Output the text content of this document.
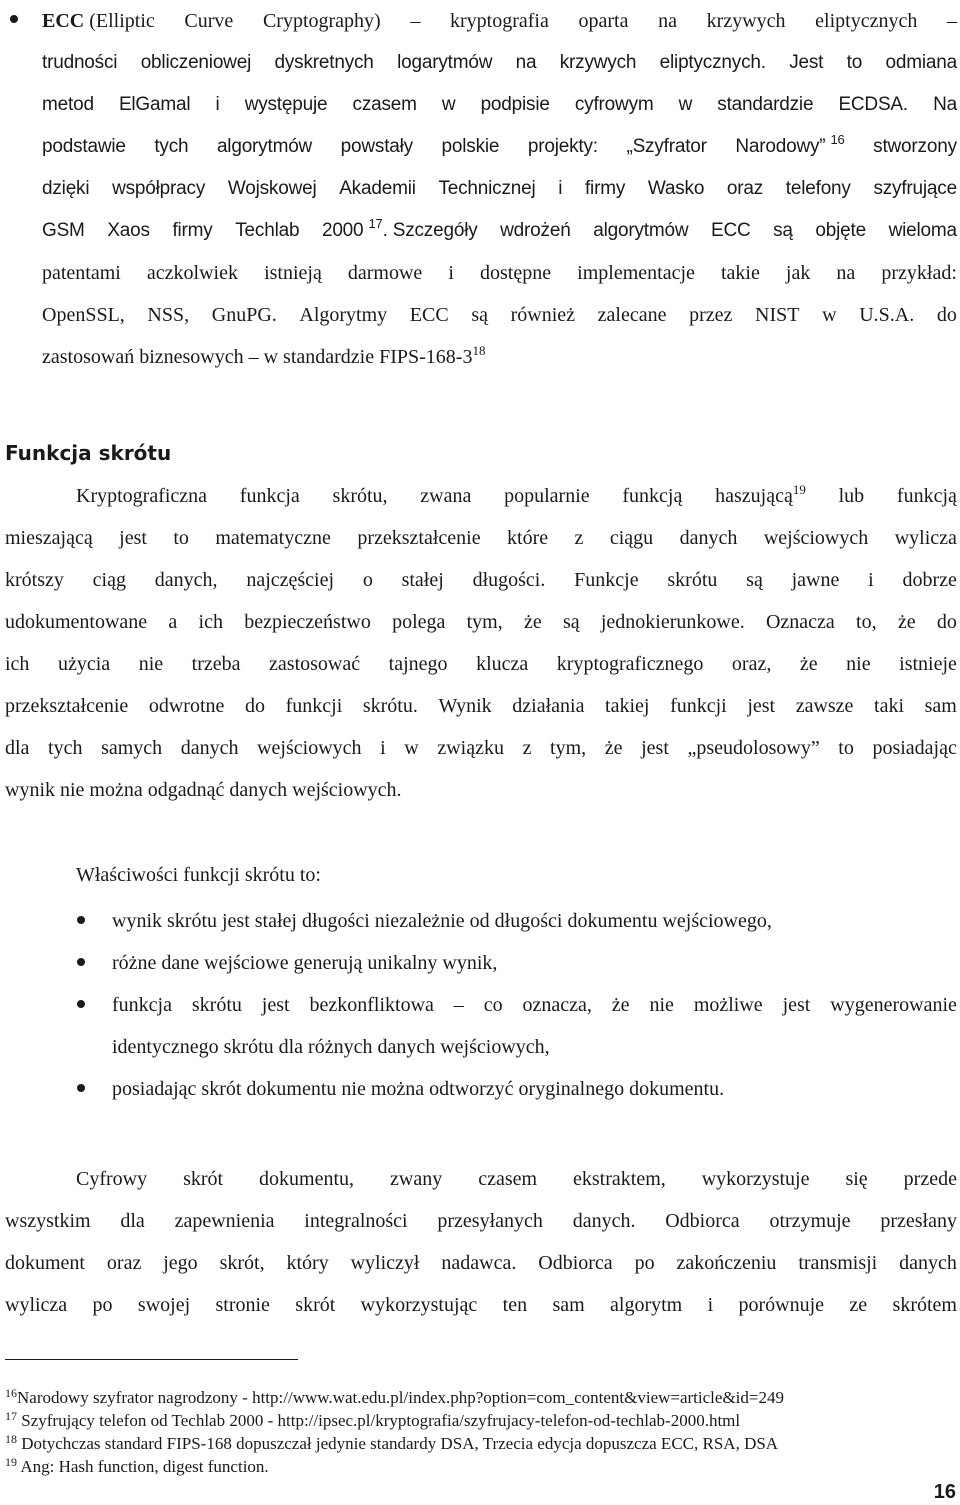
ECC (Elliptic Curve Cryptography) – kryptografia oparta na krzywych eliptycznych –
trudności obliczeniowej dyskretnych logarytmów na krzywych eliptycznych. Jest to odmiana
metod ElGamal i występuje czasem w podpisie cyfrowym w standardzie ECDSA. Na
podstawie tych algorytmów powstały polskie projekty: „Szyfrator Narodowy” $^{16}$ stworzony
dzięki współpracy Wojskowej Akademii Technicznej i firmy Wasko oraz telefony szyfrujące
GSM Xaos firmy Techlab 2000 $^{17}$. Szczegóły wdrożeń algorytmów ECC są objęte wieloma
patentami aczkolwiek istnieją darmowe i dostępne implementacje takie jak na przykład:
OpenSSL, NSS, GnuPG. Algorytmy ECC są również zalecane przez NIST w U.S.A. do
zastosowań biznesowych – w standardzie FIPS-$168-3^{18}$
Funkcja skrótu
Kryptograficzna funkcja skrótu, zwana popularnie funkcją haszującą$^{19}$ lub funkcją
mieszającą jest to matematyczne przekształcenie które z ciągu danych wejściowych wylicza
krótszy ciąg danych, najczęściej o stałej długości. Funkcje skrótu są jawne i dobrze
udokumentowane a ich bezpieczeństwo polega tym, że są jednokierunkowe. Oznacza to, że do
ich użycia nie trzeba zastosować tajnego klucza kryptograficznego oraz, że nie istnieje
przekształcenie odwrotne do funkcji skrótu. Wynik działania takiej funkcji jest zawsze taki sam
dla tych samych danych wejściowych i w związku z tym, że jest „pseudolosowy” to posiadając
wynik nie można odgadnąć danych wejściowych.
Właściwości funkcji skrótu to:
wynik skrótu jest stałej długości niezależnie od długości dokumentu wejściowego,
różne dane wejściowe generują unikalny wynik,
funkcja skrótu jest bezkonfliktowa – co oznacza, że nie możliwe jest wygenerowanie
identycznego skrótu dla różnych danych wejściowych,
posiadając skrót dokumentu nie można odtworzyć oryginalnego dokumentu.
Cyfrowy skrót dokumentu, zwany czasem ekstraktem, wykorzystuje się przede
wszystkim dla zapewnienia integralności przesyłanych danych. Odbiorca otrzymuje przesłany
dokument oraz jego skrót, który wyliczył nadawca. Odbiorca po zakończeniu transmisji danych
wylicza po swojej stronie skrót wykorzystując ten sam algorytm i porównuje ze skrótem
$^{16}$Narodowy szyfrator nagrodzony - http://www.wat.edu.pl/index.php?option=com_content&view=article&id=249
$^{17}$ Szyfrujący telefon od Techlab 2000 - http://ipsec.pl/kryptografia/szyfrujacy-telefon-od-techlab-2000.html
$^{18}$ Dotychczas standard FIPS-168 dopuszczał jedynie standardy DSA, Trzecia edycja dopuszcza ECC, RSA, DSA
$^{19}$ Ang: Hash function, digest function.
16
